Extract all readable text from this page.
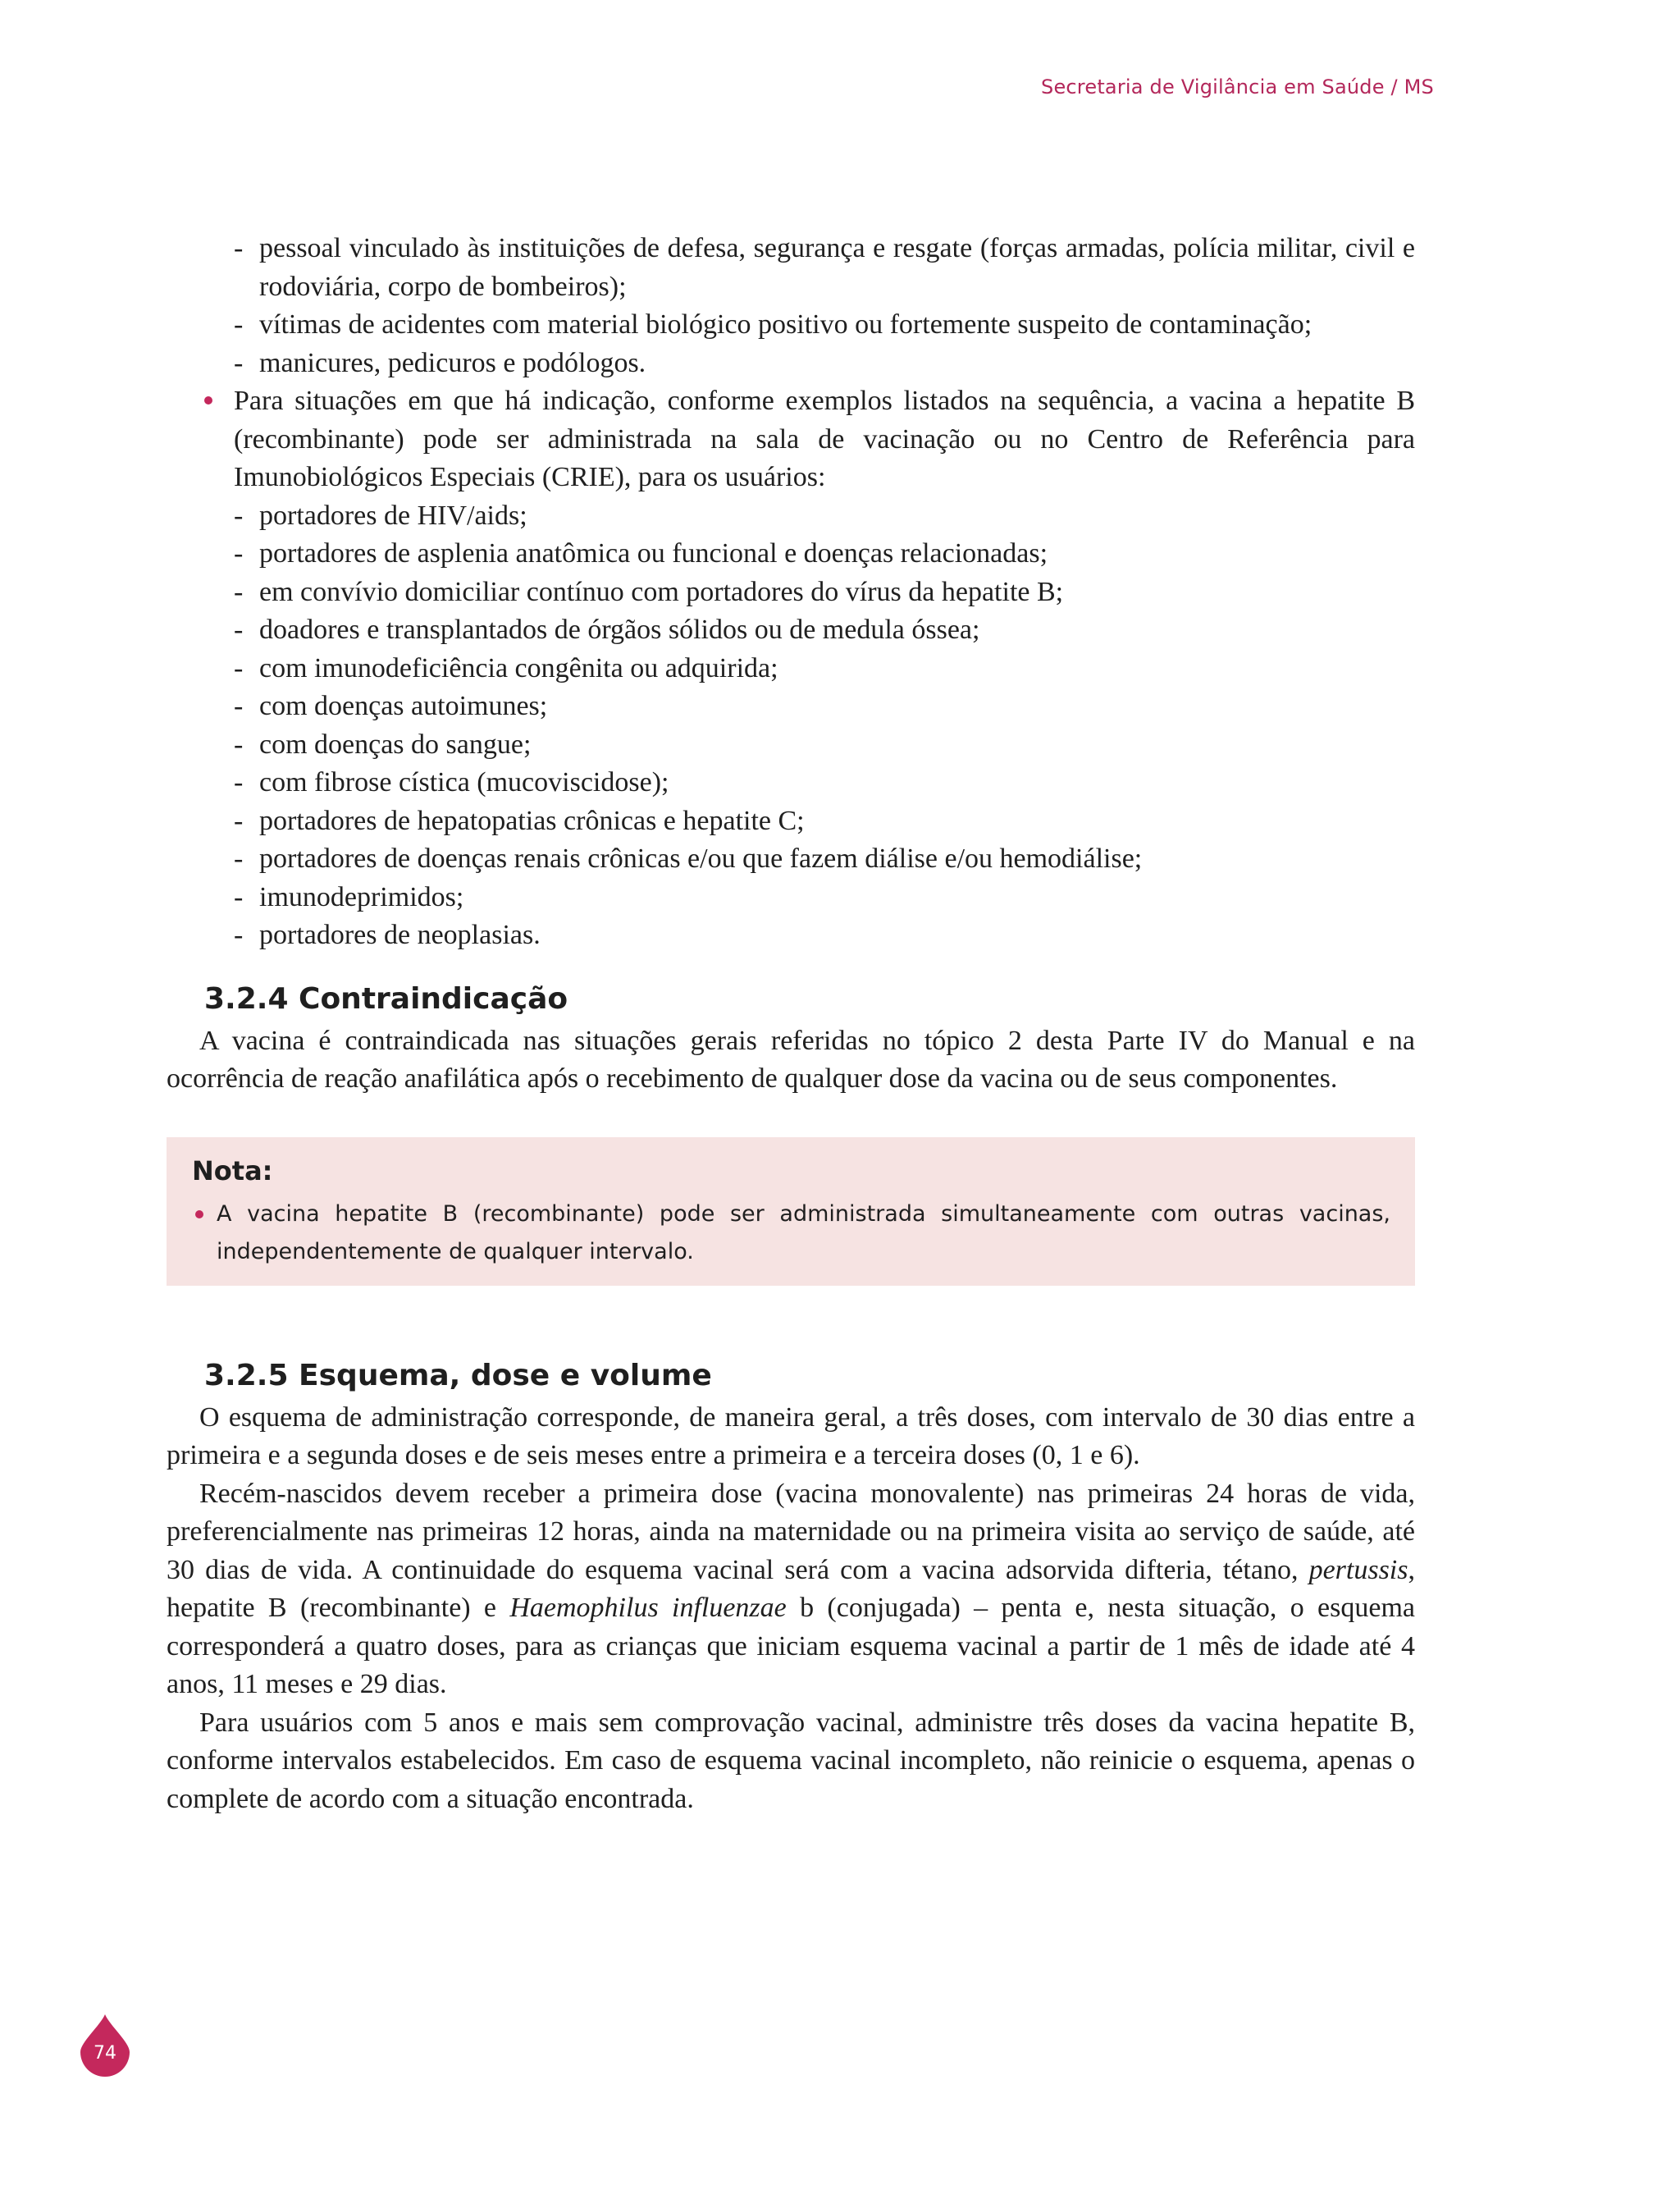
Secretaria de Vigilância em Saúde / MS
- pessoal vinculado às instituições de defesa, segurança e resgate (forças armadas, polícia militar, civil e rodoviária, corpo de bombeiros);
- vítimas de acidentes com material biológico positivo ou fortemente suspeito de contaminação;
- manicures, pedicuros e podólogos.
Para situações em que há indicação, conforme exemplos listados na sequência, a vacina a hepatite B (recombinante) pode ser administrada na sala de vacinação ou no Centro de Referência para Imunobiológicos Especiais (CRIE), para os usuários:
- portadores de HIV/aids;
- portadores de asplenia anatômica ou funcional e doenças relacionadas;
- em convívio domiciliar contínuo com portadores do vírus da hepatite B;
- doadores e transplantados de órgãos sólidos ou de medula óssea;
- com imunodeficiência congênita ou adquirida;
- com doenças autoimunes;
- com doenças do sangue;
- com fibrose cística (mucoviscidose);
- portadores de hepatopatias crônicas e hepatite C;
- portadores de doenças renais crônicas e/ou que fazem diálise e/ou hemodiálise;
- imunodeprimidos;
- portadores de neoplasias.
3.2.4 Contraindicação

A vacina é contraindicada nas situações gerais referidas no tópico 2 desta Parte IV do Manual e na ocorrência de reação anafilática após o recebimento de qualquer dose da vacina ou de seus componentes.

Nota:
A vacina hepatite B (recombinante) pode ser administrada simultaneamente com outras vacinas, independentemente de qualquer intervalo.
3.2.5 Esquema, dose e volume

O esquema de administração corresponde, de maneira geral, a três doses, com intervalo de 30 dias entre a primeira e a segunda doses e de seis meses entre a primeira e a terceira doses (0, 1 e 6).

Recém-nascidos devem receber a primeira dose (vacina monovalente) nas primeiras 24 horas de vida, preferencialmente nas primeiras 12 horas, ainda na maternidade ou na primeira visita ao serviço de saúde, até 30 dias de vida. A continuidade do esquema vacinal será com a vacina adsorvida difteria, tétano, pertussis, hepatite B (recombinante) e Haemophilus influenzae b (conjugada) – penta e, nesta situação, o esquema corresponderá a quatro doses, para as crianças que iniciam esquema vacinal a partir de 1 mês de idade até 4 anos, 11 meses e 29 dias.

Para usuários com 5 anos e mais sem comprovação vacinal, administre três doses da vacina hepatite B, conforme intervalos estabelecidos. Em caso de esquema vacinal incompleto, não reinicie o esquema, apenas o complete de acordo com a situação encontrada.

74
